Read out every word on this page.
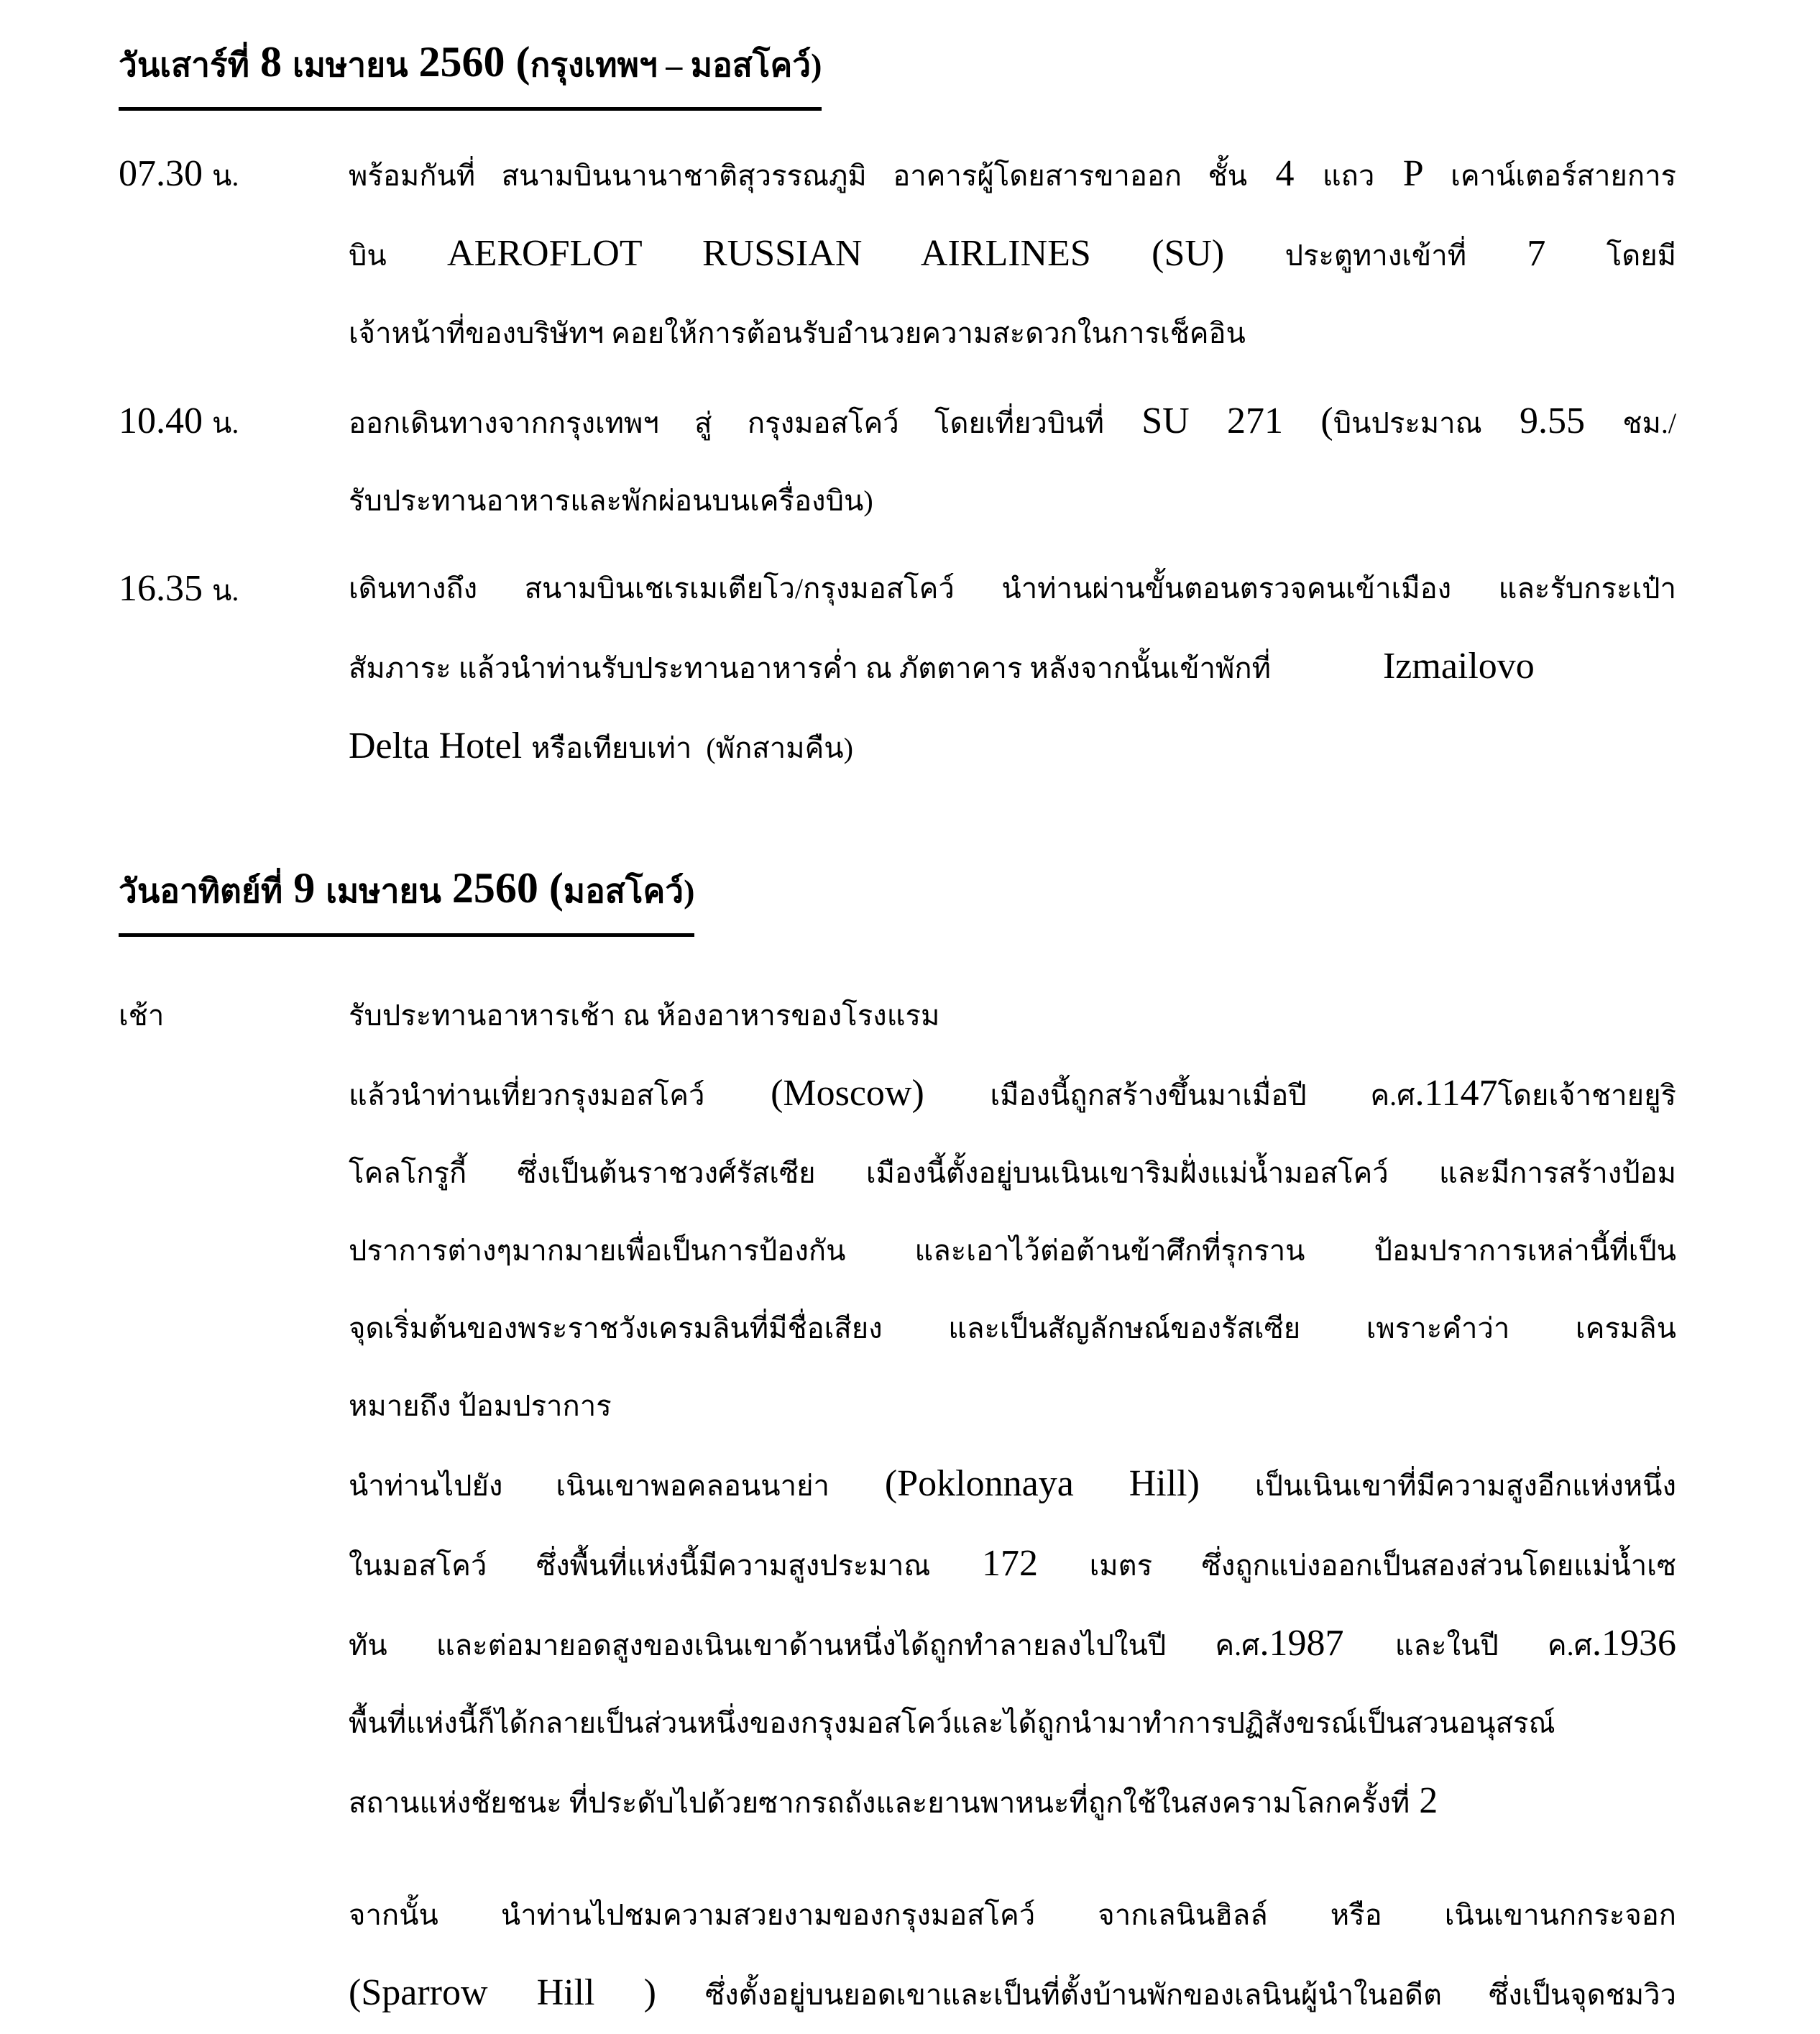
วันเสาร์ที่ 8 เมษายน 2560 (กรุงเทพฯ – มอสโคว์)
07.30 น.	พร้อมกันที่ สนามบินนานาชาติสุวรรณภูมิ อาคารผู้โดยสารขาออก ชั้น 4 แถว P เคาน์เตอร์สายการ
บิน AEROFLOT RUSSIAN AIRLINES (SU) ประตูทางเข้าที่ 7 โดยมี
เจ้าหน้าที่ของบริษัทฯ คอยให้การต้อนรับอำนวยความสะดวกในการเช็คอิน
10.40 น.	ออกเดินทางจากกรุงเทพฯ สู่ กรุงมอสโคว์ โดยเที่ยวบินที่ SU 271 (บินประมาณ 9.55 ชม./
รับประทานอาหารและพักผ่อนบนเครื่องบิน)
16.35 น.	เดินทางถึง สนามบินเชเรเมเตียโว/กรุงมอสโคว์ นำท่านผ่านขั้นตอนตรวจคนเข้าเมือง และรับกระเป๋า
สัมภาระ แล้วนำท่านรับประทานอาหารค่ำ ณ ภัตตาคาร หลังจากนั้นเข้าพักที่            Izmailovo
Delta Hotel หรือเทียบเท่า  (พักสามคืน)
วันอาทิตย์ที่ 9 เมษายน 2560 (มอสโคว์)
เช้า	รับประทานอาหารเช้า ณ ห้องอาหารของโรงแรม
แล้วนำท่านเที่ยวกรุงมอสโคว์ (Moscow) เมืองนี้ถูกสร้างขึ้นมาเมื่อปี ค.ศ.1147โดยเจ้าชายยูริ
โคลโกรูกี้ ซึ่งเป็นต้นราชวงศ์รัสเซีย เมืองนี้ตั้งอยู่บนเนินเขาริมฝั่งแม่น้ำมอสโคว์ และมีการสร้างป้อม
ปราการต่างๆมากมายเพื่อเป็นการป้องกัน และเอาไว้ต่อต้านข้าศึกที่รุกราน ป้อมปราการเหล่านี้ที่เป็น
จุดเริ่มต้นของพระราชวังเครมลินที่มีชื่อเสียง และเป็นสัญลักษณ์ของรัสเซีย เพราะคำว่า เครมลิน
หมายถึง ป้อมปราการ
นำท่านไปยัง เนินเขาพอคลอนนาย่า (Poklonnaya Hill) เป็นเนินเขาที่มีความสูงอีกแห่งหนึ่ง
ในมอสโคว์ ซึ่งพื้นที่แห่งนี้มีความสูงประมาณ 172 เมตร ซึ่งถูกแบ่งออกเป็นสองส่วนโดยแม่น้ำเซ
ทัน และต่อมายอดสูงของเนินเขาด้านหนึ่งได้ถูกทำลายลงไปในปี ค.ศ.1987 และในปี ค.ศ.1936
พื้นที่แห่งนี้ก็ได้กลายเป็นส่วนหนึ่งของกรุงมอสโคว์และได้ถูกนำมาทำการปฏิสังขรณ์เป็นสวนอนุสรณ์
สถานแห่งชัยชนะ ที่ประดับไปด้วยซากรถถังและยานพาหนะที่ถูกใช้ในสงครามโลกครั้งที่ 2
จากนั้น นำท่านไปชมความสวยงามของกรุงมอสโคว์ จากเลนินฮิลล์ หรือ เนินเขานกกระจอก
(Sparrow Hill ) ซึ่งตั้งอยู่บนยอดเขาและเป็นที่ตั้งบ้านพักของเลนินผู้นำในอดีต ซึ่งเป็นจุดชมวิว
